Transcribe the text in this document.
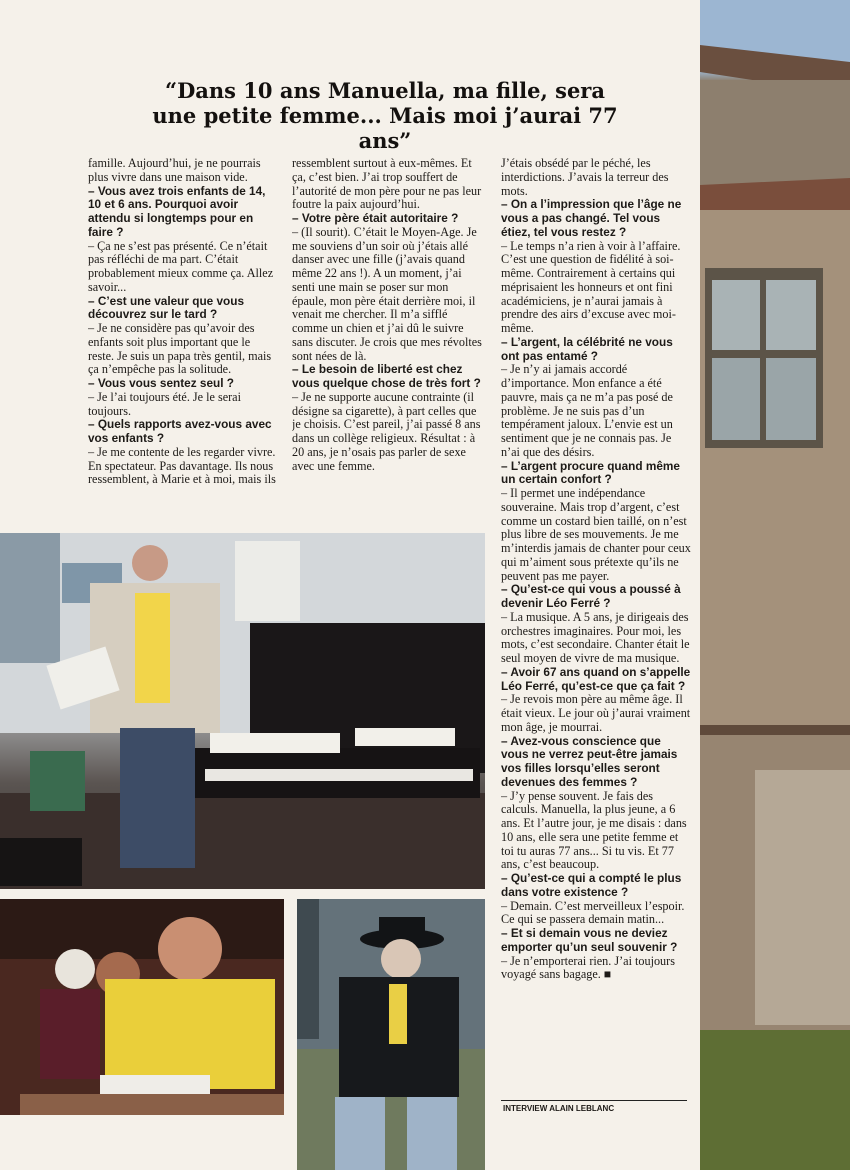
“Dans 10 ans Manuella, ma fille, sera une petite femme... Mais moi j’aurai 77 ans”

famille. Aujourd’hui, je ne pourrais plus vivre dans une maison vide.

– Vous avez trois enfants de 14, 10 et 6 ans. Pourquoi avoir attendu si longtemps pour en faire ?

– Ça ne s’est pas présenté. Ce n’était pas réfléchi de ma part. C’était probablement mieux comme ça. Allez savoir...

– C’est une valeur que vous découvrez sur le tard ?

– Je ne considère pas qu’avoir des enfants soit plus important que le reste. Je suis un papa très gentil, mais ça n’empêche pas la solitude.

– Vous vous sentez seul ?

– Je l’ai toujours été. Je le serai toujours.

– Quels rapports avez-vous avec vos enfants ?

– Je me contente de les regarder vivre. En spectateur. Pas davantage. Ils nous ressemblent, à Marie et à moi, mais ils

ressemblent surtout à eux-mêmes. Et ça, c’est bien. J’ai trop souffert de l’autorité de mon père pour ne pas leur foutre la paix aujourd’hui.

– Votre père était autoritaire ?

– (Il sourit). C’était le Moyen-Age. Je me souviens d’un soir où j’étais allé danser avec une fille (j’avais quand même 22 ans !). A un moment, j’ai senti une main se poser sur mon épaule, mon père était derrière moi, il venait me chercher. Il m’a sifflé comme un chien et j’ai dû le suivre sans discuter. Je crois que mes révoltes sont nées de là.

– Le besoin de liberté est chez vous quelque chose de très fort ?

– Je ne supporte aucune contrainte (il désigne sa cigarette), à part celles que je choisis. C’est pareil, j’ai passé 8 ans dans un collège religieux. Résultat : à 20 ans, je n’osais pas parler de sexe avec une femme.

J’étais obsédé par le péché, les interdictions. J’avais la terreur des mots.

– On a l’impression que l’âge ne vous a pas changé. Tel vous étiez, tel vous restez ?

– Le temps n’a rien à voir à l’affaire. C’est une question de fidélité à soi-même. Contrairement à certains qui méprisaient les honneurs et ont fini académiciens, je n’aurai jamais à prendre des airs d’excuse avec moi-même.

– L’argent, la célébrité ne vous ont pas entamé ?

– Je n’y ai jamais accordé d’importance. Mon enfance a été pauvre, mais ça ne m’a pas posé de problème. Je ne suis pas d’un tempérament jaloux. L’envie est un sentiment que je ne connais pas. Je n’ai que des désirs.

– L’argent procure quand même un certain confort ?

– Il permet une indépendance souveraine. Mais trop d’argent, c’est comme un costard bien taillé, on n’est plus libre de ses mouvements. Je me m’interdis jamais de chanter pour ceux qui m’aiment sous prétexte qu’ils ne peuvent pas me payer.

– Qu’est-ce qui vous a poussé à devenir Léo Ferré ?

– La musique. A 5 ans, je dirigeais des orchestres imaginaires. Pour moi, les mots, c’est secondaire. Chanter était le seul moyen de vivre de ma musique.

– Avoir 67 ans quand on s’appelle Léo Ferré, qu’est-ce que ça fait ?

– Je revois mon père au même âge. Il était vieux. Le jour où j’aurai vraiment mon âge, je mourrai.

– Avez-vous conscience que vous ne verrez peut-être jamais vos filles lorsqu’elles seront devenues des femmes ?

– J’y pense souvent. Je fais des calculs. Manuella, la plus jeune, a 6 ans. Et l’autre jour, je me disais : dans 10 ans, elle sera une petite femme et toi tu auras 77 ans... Si tu vis. Et 77 ans, c’est beaucoup.

– Qu’est-ce qui a compté le plus dans votre existence ?

– Demain. C’est merveilleux l’espoir. Ce qui se passera demain matin...

– Et si demain vous ne deviez emporter qu’un seul souvenir ?

– Je n’emporterai rien. J’ai toujours voyagé sans bagage. ■

INTERVIEW ALAIN LEBLANC
